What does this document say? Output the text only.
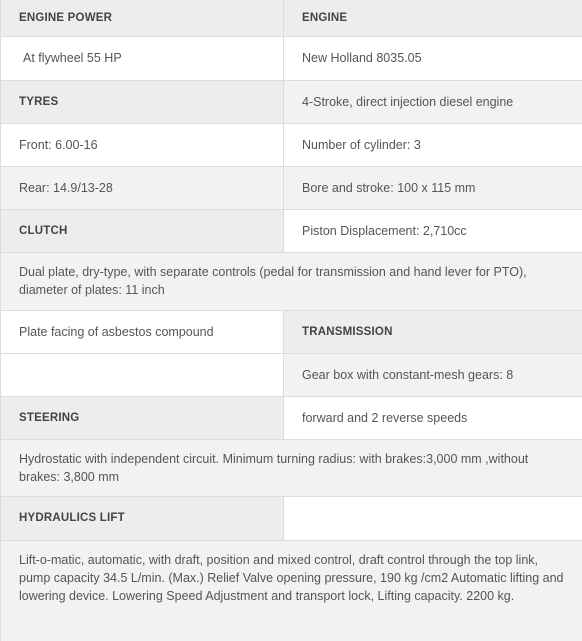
ENGINE POWER	ENGINE
At flywheel 55 HP	New Holland 8035.05
TYRES	4-Stroke, direct injection diesel engine
Front: 6.00-16	Number of cylinder: 3
Rear: 14.9/13-28	Bore and stroke: 100 x 115 mm
CLUTCH	Piston Displacement: 2,710cc
Dual plate, dry-type, with separate controls (pedal for transmission and hand lever for PTO), diameter of plates: 11 inch	
Plate facing of asbestos compound	TRANSMISSION
	Gear box with constant-mesh gears: 8
STEERING	forward and 2 reverse speeds
Hydrostatic with independent circuit. Minimum turning radius: with brakes:3,000 mm ,without brakes: 3,800 mm	
HYDRAULICS LIFT	
Lift-o-matic, automatic, with draft, position and mixed control, draft control through the top link, pump capacity 34.5 L/min. (Max.) Relief Valve opening pressure, 190 kg /cm2 Automatic lifting and lowering device. Lowering Speed Adjustment and transport lock, Lifting capacity. 2200 kg.	
